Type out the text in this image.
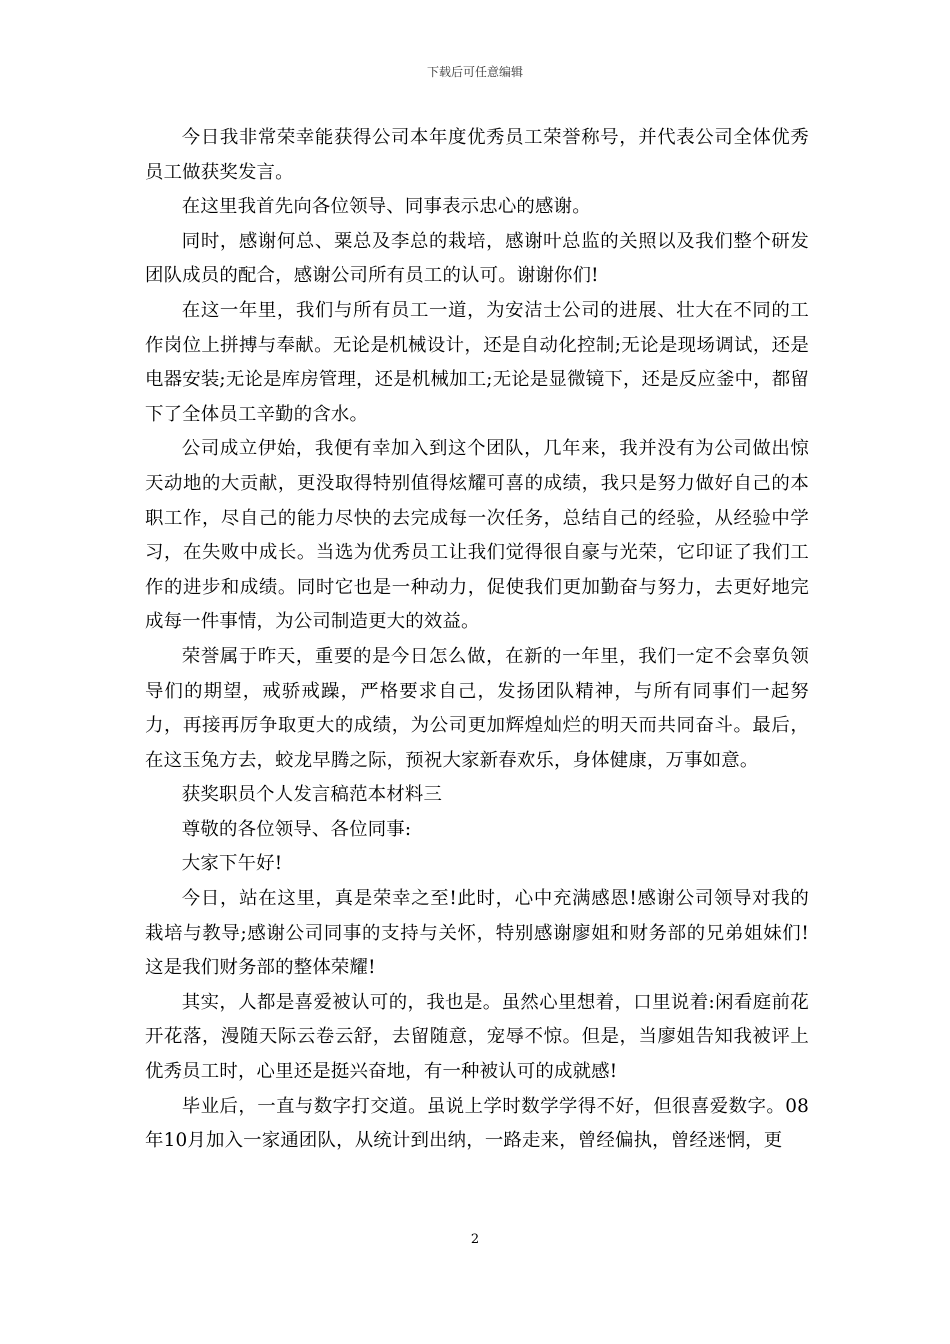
下载后可任意编辑

今日我非常荣幸能获得公司本年度优秀员工荣誉称号，并代表公司全体优秀员工做获奖发言。

在这里我首先向各位领导、同事表示忠心的感谢。

同时，感谢何总、粟总及李总的栽培，感谢叶总监的关照以及我们整个研发团队成员的配合，感谢公司所有员工的认可。谢谢你们!

在这一年里，我们与所有员工一道，为安洁士公司的进展、壮大在不同的工作岗位上拼搏与奉献。无论是机械设计，还是自动化控制;无论是现场调试，还是电器安装;无论是库房管理，还是机械加工;无论是显微镜下，还是反应釜中，都留下了全体员工辛勤的含水。

公司成立伊始，我便有幸加入到这个团队，几年来，我并没有为公司做出惊天动地的大贡献，更没取得特别值得炫耀可喜的成绩，我只是努力做好自己的本职工作，尽自己的能力尽快的去完成每一次任务，总结自己的经验，从经验中学习，在失败中成长。当选为优秀员工让我们觉得很自豪与光荣，它印证了我们工作的进步和成绩。同时它也是一种动力，促使我们更加勤奋与努力，去更好地完成每一件事情，为公司制造更大的效益。

荣誉属于昨天，重要的是今日怎么做，在新的一年里，我们一定不会辜负领导们的期望，戒骄戒躁，严格要求自己，发扬团队精神，与所有同事们一起努力，再接再厉争取更大的成绩，为公司更加辉煌灿烂的明天而共同奋斗。最后，在这玉兔方去，蛟龙早腾之际，预祝大家新春欢乐，身体健康，万事如意。

获奖职员个人发言稿范本材料三

尊敬的各位领导、各位同事:

大家下午好!

今日，站在这里，真是荣幸之至!此时，心中充满感恩!感谢公司领导对我的栽培与教导;感谢公司同事的支持与关怀，特别感谢廖姐和财务部的兄弟姐妹们!这是我们财务部的整体荣耀!

其实，人都是喜爱被认可的，我也是。虽然心里想着，口里说着:闲看庭前花开花落，漫随天际云卷云舒，去留随意，宠辱不惊。但是，当廖姐告知我被评上优秀员工时，心里还是挺兴奋地，有一种被认可的成就感!

毕业后，一直与数字打交道。虽说上学时数学学得不好，但很喜爱数字。08年10月加入一家通团队，从统计到出纳，一路走来，曾经偏执，曾经迷惘，更

2
